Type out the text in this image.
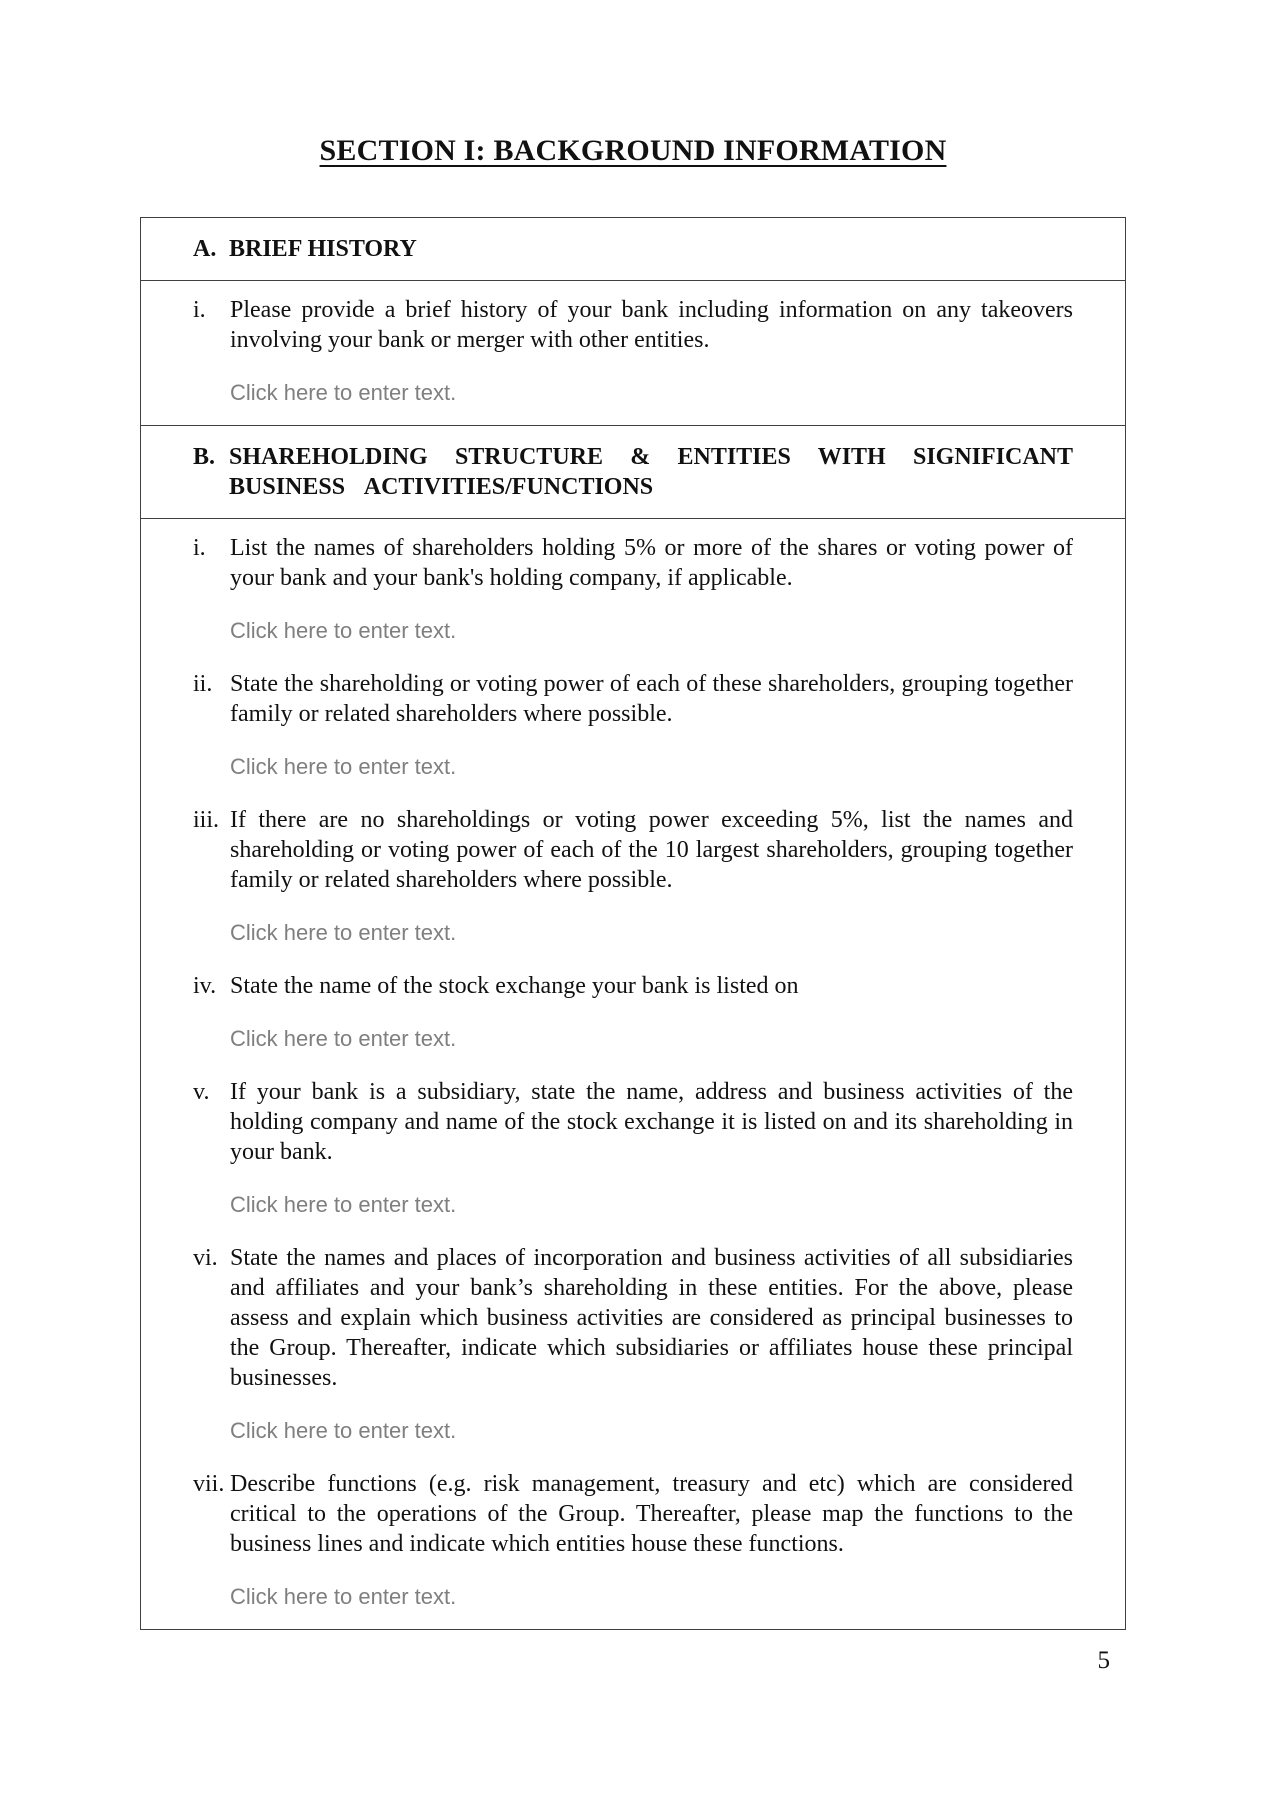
SECTION I: BACKGROUND INFORMATION
A. BRIEF HISTORY
i.	Please provide a brief history of your bank including information on any takeovers involving your bank or merger with other entities.

Click here to enter text.

B. SHAREHOLDING STRUCTURE & ENTITIES WITH SIGNIFICANT
BUSINESS ACTIVITIES/FUNCTIONS
i.	List the names of shareholders holding 5% or more of the shares or voting power of your bank and your bank's holding company, if applicable.

Click here to enter text.

ii. State the shareholding or voting power of each of these shareholders, grouping together family or related shareholders where possible.

Click here to enter text.

iii. If there are no shareholdings or voting power exceeding 5%, list the names and shareholding or voting power of each of the 10 largest shareholders, grouping together family or related shareholders where possible.

Click here to enter text.

iv. State the name of the stock exchange your bank is listed on

Click here to enter text.

v. If your bank is a subsidiary, state the name, address and business activities of the holding company and name of the stock exchange it is listed on and its shareholding in your bank.

Click here to enter text.

vi. State the names and places of incorporation and business activities of all subsidiaries and affiliates and your bank’s shareholding in these entities. For the above, please assess and explain which business activities are considered as principal businesses to the Group. Thereafter, indicate which subsidiaries or affiliates house these principal businesses.

Click here to enter text.

vii. Describe functions (e.g. risk management, treasury and etc) which are considered critical to the operations of the Group. Thereafter, please map the functions to the business lines and indicate which entities house these functions.

Click here to enter text.

5
